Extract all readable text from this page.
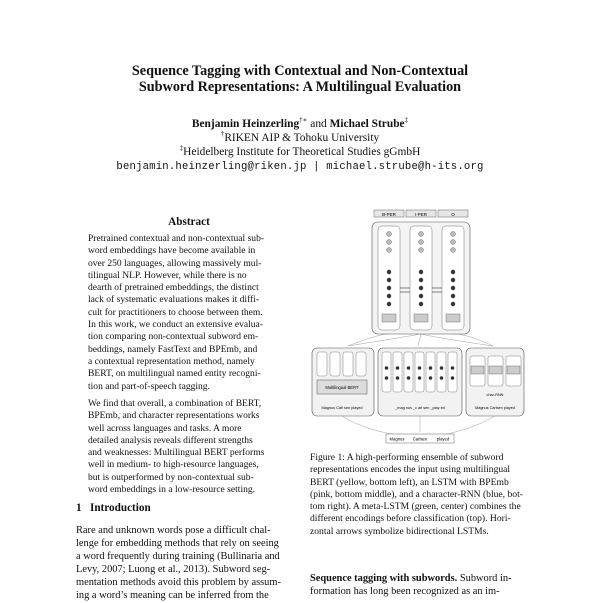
Sequence Tagging with Contextual and Non-Contextual
Subword Representations: A Multilingual Evaluation
Benjamin Heinzerling†∗ and Michael Strube‡
†RIKEN AIP & Tohoku University
‡Heidelberg Institute for Theoretical Studies gGmbH
benjamin.heinzerling@riken.jp | michael.strube@h-its.org
Abstract
Pretrained contextual and non-contextual sub-
word embeddings have become available in
over 250 languages, allowing massively mul-
tilingual NLP. However, while there is no
dearth of pretrained embeddings, the distinct
lack of systematic evaluations makes it diffi-
cult for practitioners to choose between them.
In this work, we conduct an extensive evalua-
tion comparing non-contextual subword em-
beddings, namely FastText and BPEmb, and
a contextual representation method, namely
BERT, on multilingual named entity recogni-
tion and part-of-speech tagging.
We find that overall, a combination of BERT,
BPEmb, and character representations works
well across languages and tasks. A more
detailed analysis reveals different strengths
and weaknesses: Multilingual BERT performs
well in medium- to high-resource languages,
but is outperformed by non-contextual sub-
word embeddings in a low-resource setting.
1 Introduction
Rare and unknown words pose a difficult chal-
lenge for embedding methods that rely on seeing
a word frequently during training (Bullinaria and
Levy, 2007; Luong et al., 2013). Subword seg-
mentation methods avoid this problem by assum-
ing a word’s meaning can be inferred from the
B-PER	I-PER	O
Multilingual BERT
Magnus Carl sen played	_mag nus _c arl sen _play ed
char-RNN
Magnus Carlsen played
Magnus Carlsen played
Figure 1: A high-performing ensemble of subword
representations encodes the input using multilingual
BERT (yellow, bottom left), an LSTM with BPEmb
(pink, bottom middle), and a character-RNN (blue, bot-
tom right). A meta-LSTM (green, center) combines the
different encodings before classification (top). Hori-
zontal arrows symbolize bidirectional LSTMs.
Sequence tagging with subwords. Subword in-
formation has long been recognized as an im-
